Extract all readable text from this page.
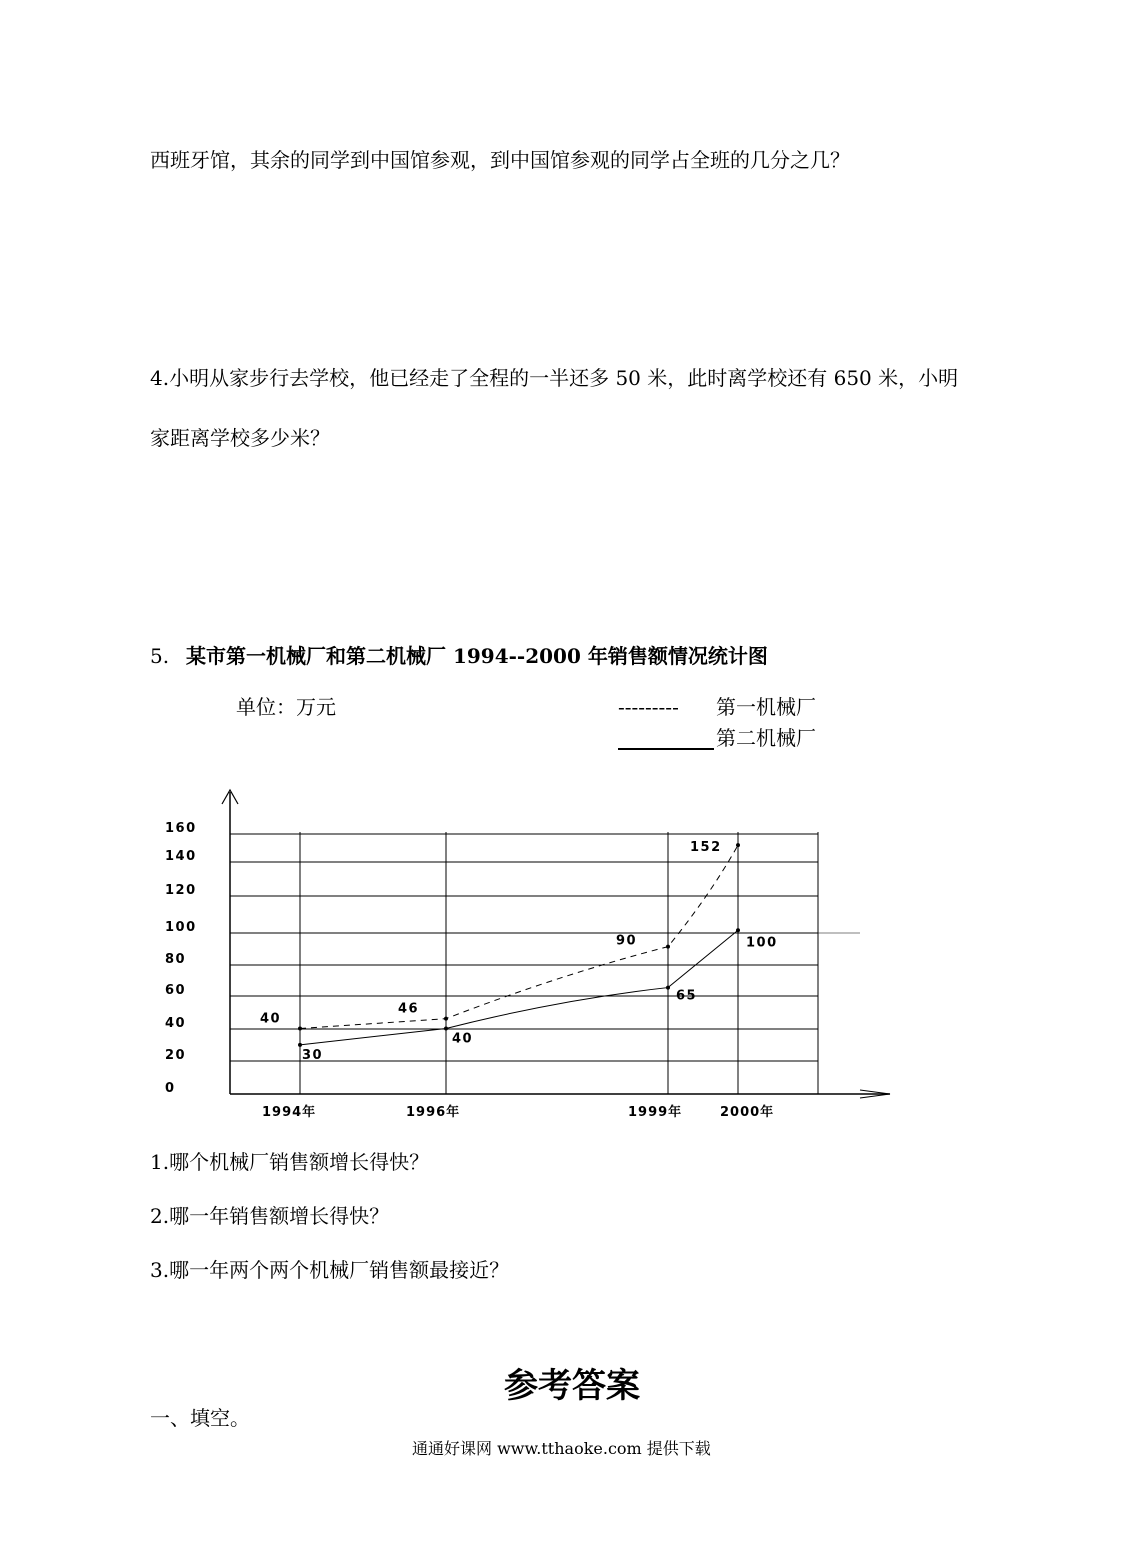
西班牙馆，其余的同学到中国馆参观，到中国馆参观的同学占全班的几分之几？
4.小明从家步行去学校，他已经走了全程的一半还多 50 米，此时离学校还有 650 米，小明
家距离学校多少米？
5. 某市第一机械厂和第二机械厂 1994--2000 年销售额情况统计图
单位：万元	--------- 第一机械厂
第二机械厂
0
20
40
60
80
100
120
140
160
1994年	1996年	1999年	2000年
40
46
90
152
30
40
65
100
1.哪个机械厂销售额增长得快？
2.哪一年销售额增长得快？
3.哪一年两个两个机械厂销售额最接近？
参考答案
一、填空。
通通好课网 www.tthaoke.com 提供下载
